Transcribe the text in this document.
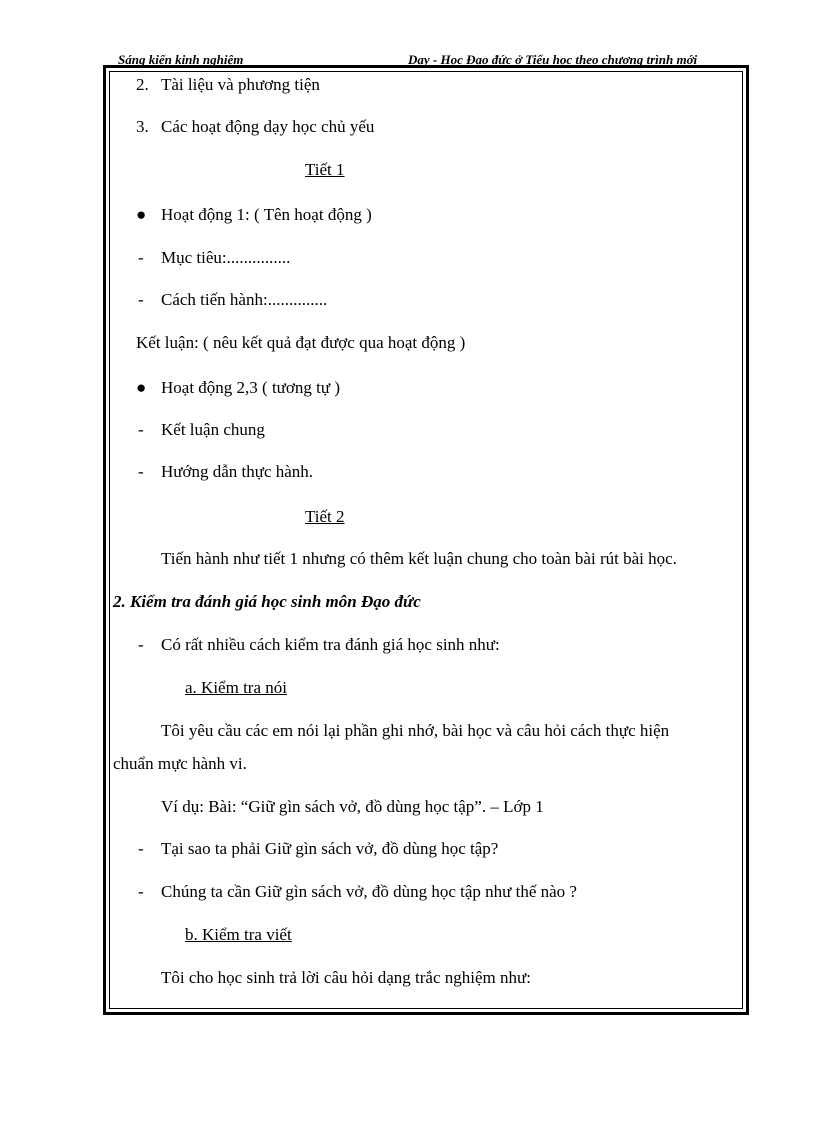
Sáng kiến kinh nghiệm	Dạy - Học Đạo đức ở Tiểu học theo chương trình mới
2. Tài liệu và phương tiện
3. Các hoạt động dạy học chủ yếu
Tiết 1
● Hoạt động 1: ( Tên hoạt động )
- Mục tiêu:...............
- Cách tiến hành:..............
Kết luận: ( nêu kết quả đạt được qua hoạt động )
● Hoạt động 2,3 ( tương tự )
- Kết luận chung
- Hướng dẫn thực hành.
Tiết 2
Tiến hành như tiết 1 nhưng có thêm kết luận chung cho toàn bài rút bài học.
2. Kiểm tra đánh giá học sinh môn Đạo đức
- Có rất nhiều cách kiểm tra đánh giá học sinh như:
a. Kiểm tra nói
Tôi yêu cầu các em nói lại phần ghi nhớ, bài học và câu hỏi cách thực hiện
chuẩn mực hành vi.
Ví dụ: Bài: “Giữ gìn sách vở, đồ dùng học tập”. – Lớp 1
- Tại sao ta phải Giữ gìn sách vở, đồ dùng học tập?
- Chúng ta cần Giữ gìn sách vở, đồ dùng học tập như thế nào ?
b. Kiểm tra viết
Tôi cho học sinh trả lời câu hỏi dạng trắc nghiệm như:
